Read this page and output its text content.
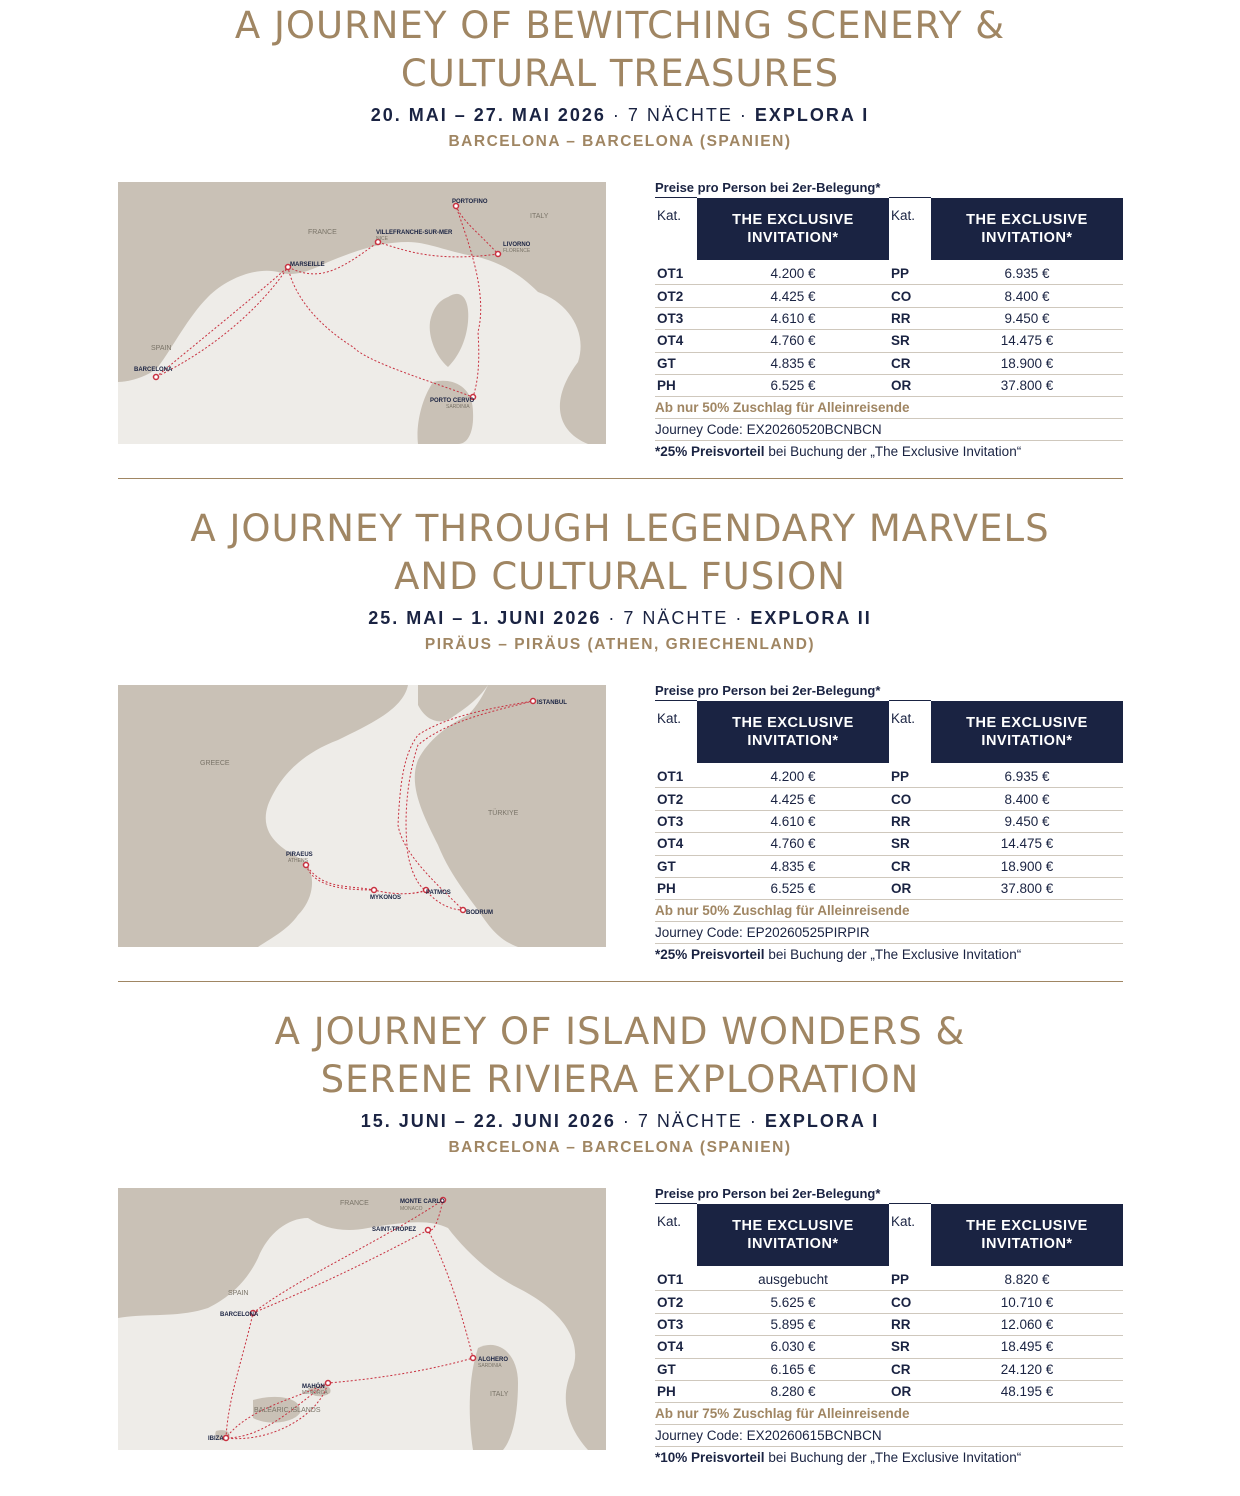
A JOURNEY OF BEWITCHING SCENERY &
CULTURAL TREASURES
20. MAI – 27. MAI 2026 · 7 NÄCHTE · EXPLORA I
BARCELONA – BARCELONA (SPANIEN)
FRANCE
ITALY
SPAIN
PORTOFINO
VILLEFRANCHE-SUR-MER
LIVORNO
MARSEILLE
BARCELONA
PORTO CERVO
NICE
FLORENCE
SARDINIA
Preise pro Person bei 2er-Belegung*
Kat.	THE EXCLUSIVE
INVITATION*	Kat.	THE EXCLUSIVE
INVITATION*
OT1	4.200 €	PP	6.935 €
OT2	4.425 €	CO	8.400 €
OT3	4.610 €	RR	9.450 €
OT4	4.760 €	SR	14.475 €
GT	4.835 €	CR	18.900 €
PH	6.525 €	OR	37.800 €
Ab nur 50% Zuschlag für Alleinreisende
Journey Code: EX20260520BCNBCN
*25% Preisvorteil bei Buchung der „The Exclusive Invitation“
A JOURNEY THROUGH LEGENDARY MARVELS
AND CULTURAL FUSION
25. MAI – 1. JUNI 2026 · 7 NÄCHTE · EXPLORA II
PIRÄUS – PIRÄUS (ATHEN, GRIECHENLAND)
GREECE
TÜRKIYE
ISTANBUL
PIRAEUS
MYKONOS
PATMOS
BODRUM
ATHENS
Preise pro Person bei 2er-Belegung*
Kat.	THE EXCLUSIVE
INVITATION*	Kat.	THE EXCLUSIVE
INVITATION*
OT1	4.200 €	PP	6.935 €
OT2	4.425 €	CO	8.400 €
OT3	4.610 €	RR	9.450 €
OT4	4.760 €	SR	14.475 €
GT	4.835 €	CR	18.900 €
PH	6.525 €	OR	37.800 €
Ab nur 50% Zuschlag für Alleinreisende
Journey Code: EP20260525PIRPIR
*25% Preisvorteil bei Buchung der „The Exclusive Invitation“
A JOURNEY OF ISLAND WONDERS &
SERENE RIVIERA EXPLORATION
15. JUNI – 22. JUNI 2026 · 7 NÄCHTE · EXPLORA I
BARCELONA – BARCELONA (SPANIEN)
FRANCE
SPAIN
ITALY
BALEARIC ISLANDS
MONTE CARLO
SAINT-TROPEZ
BARCELONA
ALGHERO
MAHÓN
IBIZA
MONACO
SARDINIA
MENORCA
Preise pro Person bei 2er-Belegung*
Kat.	THE EXCLUSIVE
INVITATION*	Kat.	THE EXCLUSIVE
INVITATION*
OT1	ausgebucht	PP	8.820 €
OT2	5.625 €	CO	10.710 €
OT3	5.895 €	RR	12.060 €
OT4	6.030 €	SR	18.495 €
GT	6.165 €	CR	24.120 €
PH	8.280 €	OR	48.195 €
Ab nur 75% Zuschlag für Alleinreisende
Journey Code: EX20260615BCNBCN
*10% Preisvorteil bei Buchung der „The Exclusive Invitation“
